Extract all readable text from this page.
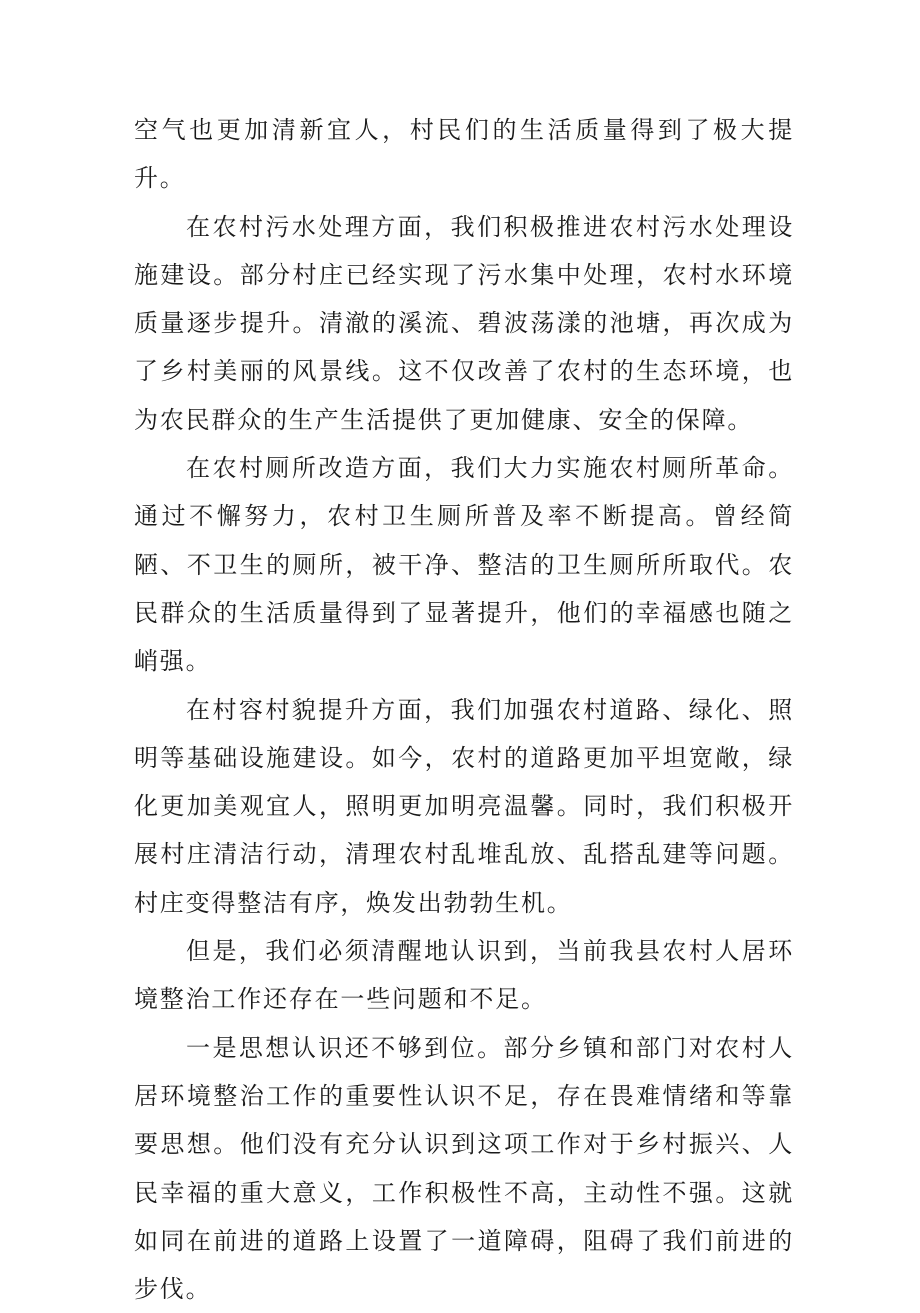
空气也更加清新宜人，村民们的生活质量得到了极大提升。

在农村污水处理方面，我们积极推进农村污水处理设施建设。部分村庄已经实现了污水集中处理，农村水环境质量逐步提升。清澈的溪流、碧波荡漾的池塘，再次成为了乡村美丽的风景线。这不仅改善了农村的生态环境，也为农民群众的生产生活提供了更加健康、安全的保障。

在农村厕所改造方面，我们大力实施农村厕所革命。通过不懈努力，农村卫生厕所普及率不断提高。曾经简陋、不卫生的厕所，被干净、整洁的卫生厕所所取代。农民群众的生活质量得到了显著提升，他们的幸福感也随之峭强。

在村容村貌提升方面，我们加强农村道路、绿化、照明等基础设施建设。如今，农村的道路更加平坦宽敞，绿化更加美观宜人，照明更加明亮温馨。同时，我们积极开展村庄清洁行动，清理农村乱堆乱放、乱搭乱建等问题。村庄变得整洁有序，焕发出勃勃生机。

但是，我们必须清醒地认识到，当前我县农村人居环境整治工作还存在一些问题和不足。

一是思想认识还不够到位。部分乡镇和部门对农村人居环境整治工作的重要性认识不足，存在畏难情绪和等靠要思想。他们没有充分认识到这项工作对于乡村振兴、人民幸福的重大意义，工作积极性不高，主动性不强。这就如同在前进的道路上设置了一道障碍，阻碍了我们前进的步伐。
